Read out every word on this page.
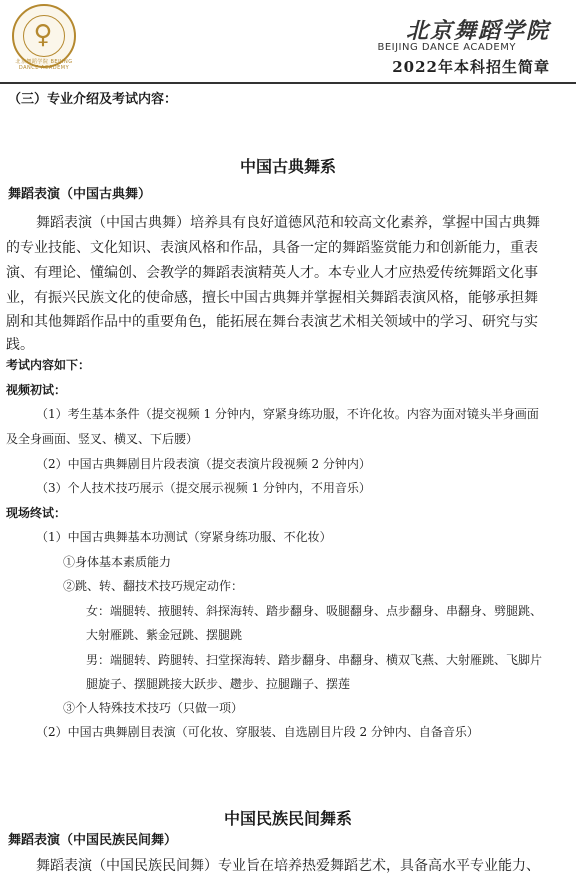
♀
北京舞蹈学院 BEIJING DANCE ACADEMY
北京舞蹈学院
BEIJING DANCE ACADEMY
2022年本科招生简章
（三）专业介绍及考试内容：
中国古典舞系
舞蹈表演（中国古典舞）
舞蹈表演（中国古典舞）培养具有良好道德风范和较高文化素养，掌握中国古典舞
的专业技能、文化知识、表演风格和作品，具备一定的舞蹈鉴赏能力和创新能力，重表
演、有理论、懂编创、会教学的舞蹈表演精英人才。本专业人才应热爱传统舞蹈文化事
业，有振兴民族文化的使命感，擅长中国古典舞并掌握相关舞蹈表演风格，能够承担舞
剧和其他舞蹈作品中的重要角色，能拓展在舞台表演艺术相关领域中的学习、研究与实
践。
考试内容如下：
视频初试：
（1）考生基本条件（提交视频 1 分钟内，穿紧身练功服，不许化妆。内容为面对镜头半身画面
及全身画面、竖叉、横叉、下后腰）
（2）中国古典舞剧目片段表演（提交表演片段视频 2 分钟内）
（3）个人技术技巧展示（提交展示视频 1 分钟内，不用音乐）
现场终试：
（1）中国古典舞基本功测试（穿紧身练功服、不化妆）
①身体基本素质能力
②跳、转、翻技术技巧规定动作：
女：端腿转、掖腿转、斜探海转、踏步翻身、吸腿翻身、点步翻身、串翻身、劈腿跳、
大射雁跳、紫金冠跳、摆腿跳
男：端腿转、跨腿转、扫堂探海转、踏步翻身、串翻身、横双飞燕、大射雁跳、飞脚片
腿旋子、摆腿跳接大跃步、趱步、拉腿蹦子、摆莲
③个人特殊技术技巧（只做一项）
（2）中国古典舞剧目表演（可化妆、穿服装、自选剧目片段 2 分钟内、自备音乐）
中国民族民间舞系
舞蹈表演（中国民族民间舞）
舞蹈表演（中国民族民间舞）专业旨在培养热爱舞蹈艺术，具备高水平专业能力、
